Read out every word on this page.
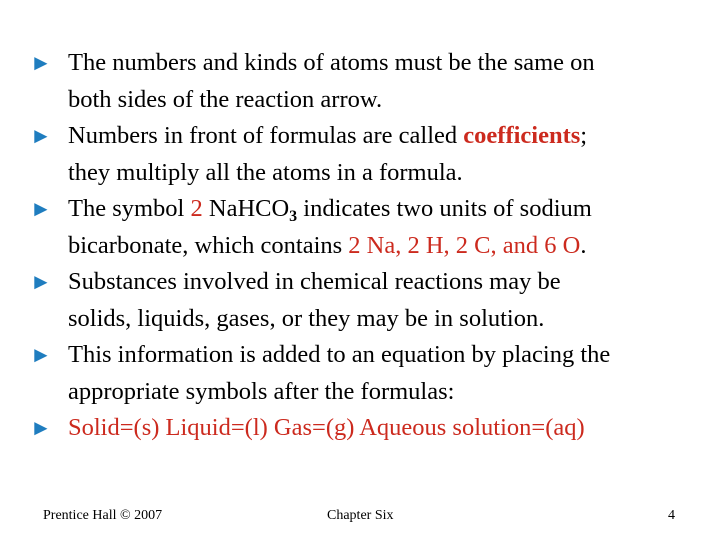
► The numbers and kinds of atoms must be the same on
both sides of the reaction arrow.
► Numbers in front of formulas are called coefficients;
they multiply all the atoms in a formula.
► The symbol 2 NaHCO$_3$ indicates two units of sodium
bicarbonate, which contains 2 Na, 2 H, 2 C, and 6 O.
► Substances involved in chemical reactions may be
solids, liquids, gases, or they may be in solution.
► This information is added to an equation by placing the
appropriate symbols after the formulas:
► Solid=(s) Liquid=(l) Gas=(g) Aqueous solution=(aq)
Prentice Hall © 2007	Chapter Six	4
